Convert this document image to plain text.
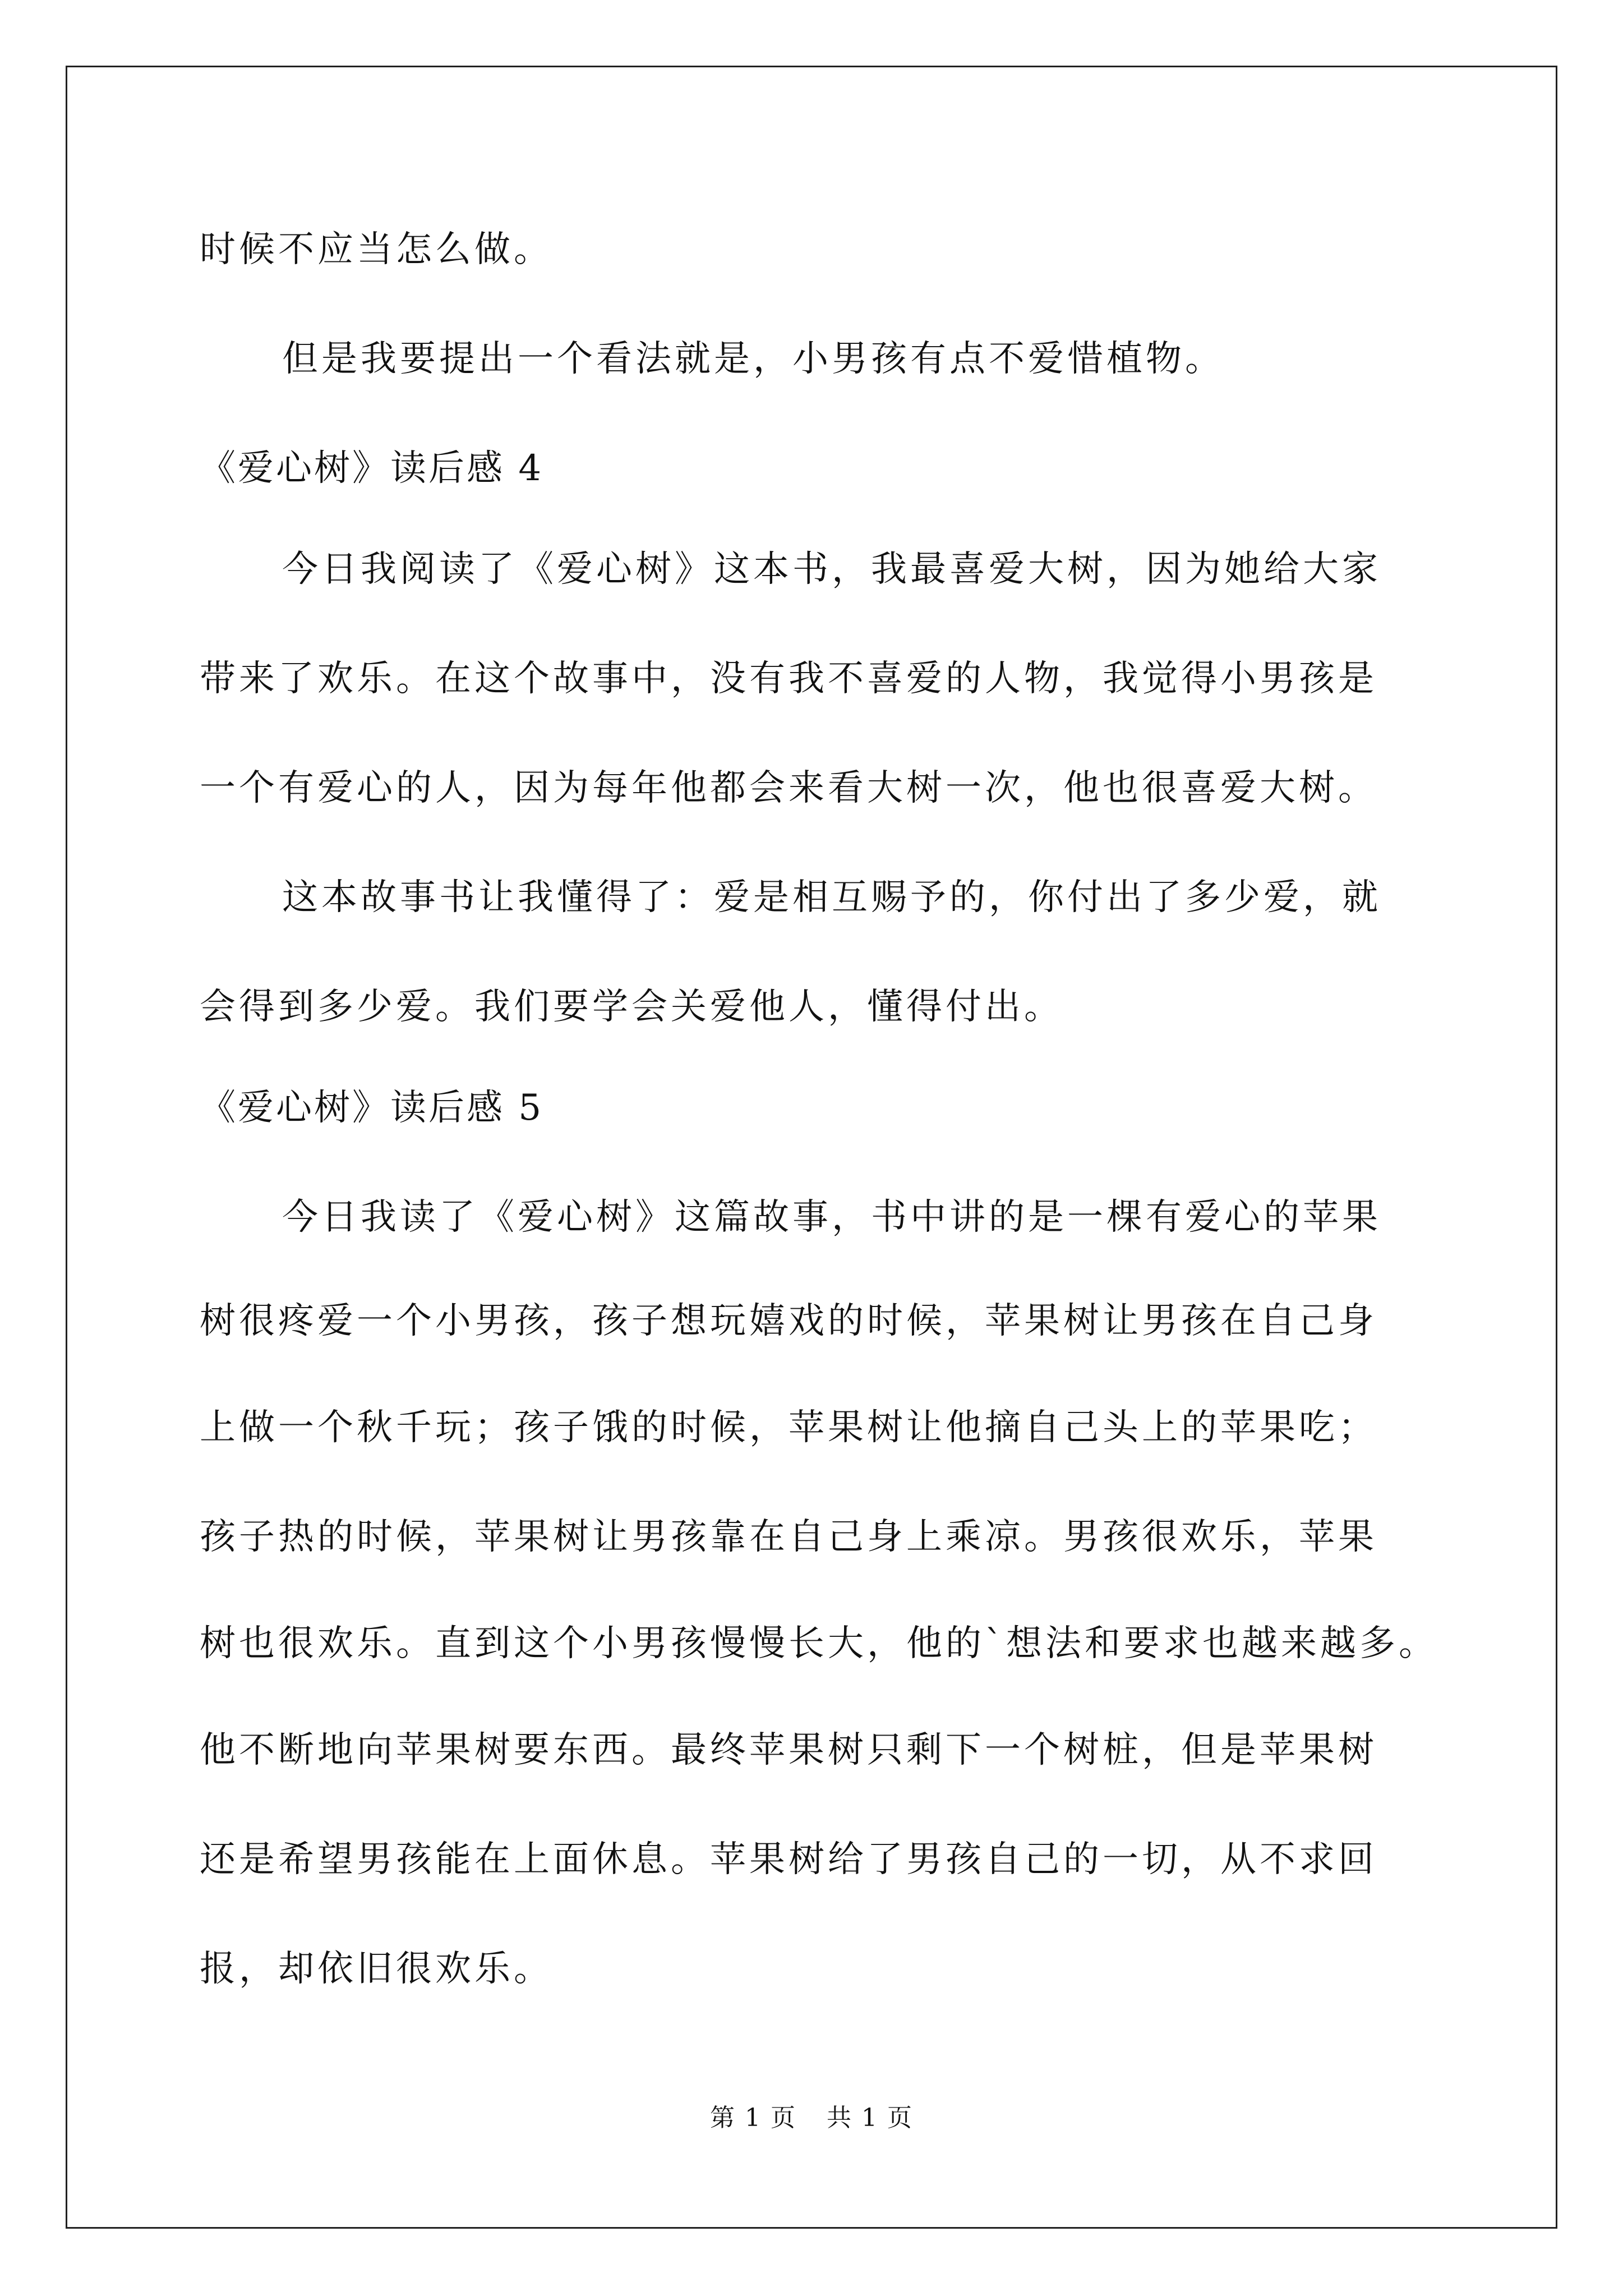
时候不应当怎么做。
但是我要提出一个看法就是，小男孩有点不爱惜植物。
《爱心树》读后感 4
今日我阅读了《爱心树》这本书，我最喜爱大树，因为她给大家
带来了欢乐。在这个故事中，没有我不喜爱的人物，我觉得小男孩是
一个有爱心的人，因为每年他都会来看大树一次，他也很喜爱大树。
这本故事书让我懂得了：爱是相互赐予的，你付出了多少爱，就
会得到多少爱。我们要学会关爱他人，懂得付出。
《爱心树》读后感 5
今日我读了《爱心树》这篇故事，书中讲的是一棵有爱心的苹果
树很疼爱一个小男孩，孩子想玩嬉戏的时候，苹果树让男孩在自己身
上做一个秋千玩；孩子饿的时候，苹果树让他摘自己头上的苹果吃；
孩子热的时候，苹果树让男孩靠在自己身上乘凉。男孩很欢乐，苹果
树也很欢乐。直到这个小男孩慢慢长大，他的`想法和要求也越来越多。
他不断地向苹果树要东西。最终苹果树只剩下一个树桩，但是苹果树
还是希望男孩能在上面休息。苹果树给了男孩自己的一切，从不求回
报，却依旧很欢乐。
第 1 页 共 1 页
